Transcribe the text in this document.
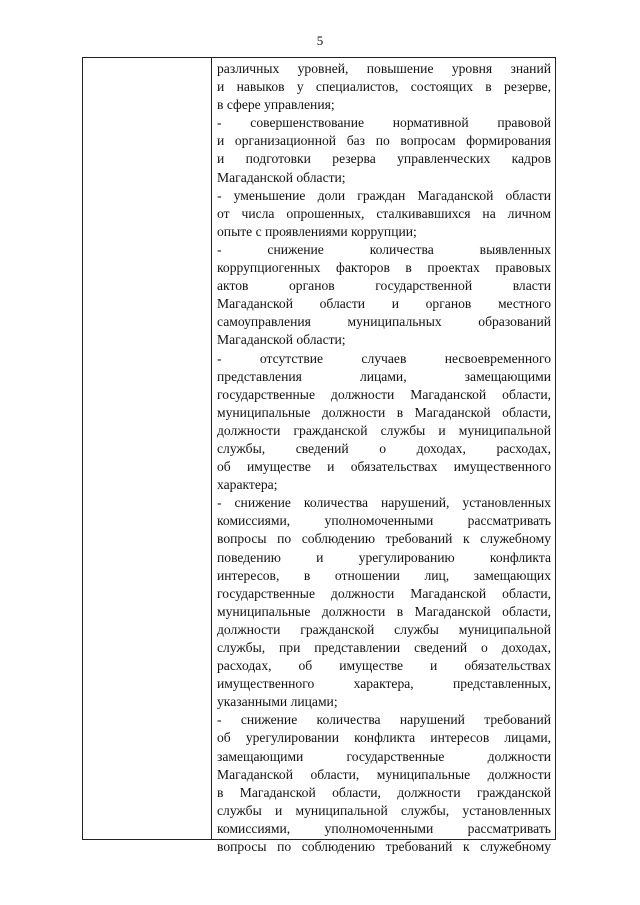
5
различных уровней, повышение уровня знаний
и навыков у специалистов, состоящих в резерве,
в сфере управления;
- совершенствование нормативной правовой
и организационной баз по вопросам формирования
и подготовки резерва управленческих кадров
Магаданской области;
- уменьшение доли граждан Магаданской области
от числа опрошенных, сталкивавшихся на личном
опыте с проявлениями коррупции;
- снижение количества выявленных
коррупциогенных факторов в проектах правовых
актов органов государственной власти
Магаданской области и органов местного
самоуправления муниципальных образований
Магаданской области;
- отсутствие случаев несвоевременного
представления лицами, замещающими
государственные должности Магаданской области,
муниципальные должности в Магаданской области,
должности гражданской службы и муниципальной
службы, сведений о доходах, расходах,
об имуществе и обязательствах имущественного
характера;
- снижение количества нарушений, установленных
комиссиями, уполномоченными рассматривать
вопросы по соблюдению требований к служебному
поведению и урегулированию конфликта
интересов, в отношении лиц, замещающих
государственные должности Магаданской области,
муниципальные должности в Магаданской области,
должности гражданской службы муниципальной
службы, при представлении сведений о доходах,
расходах, об имуществе и обязательствах
имущественного характера, представленных,
указанными лицами;
- снижение количества нарушений требований
об урегулировании конфликта интересов лицами,
замещающими государственные должности
Магаданской области, муниципальные должности
в Магаданской области, должности гражданской
службы и муниципальной службы, установленных
комиссиями, уполномоченными рассматривать
вопросы по соблюдению требований к служебному
